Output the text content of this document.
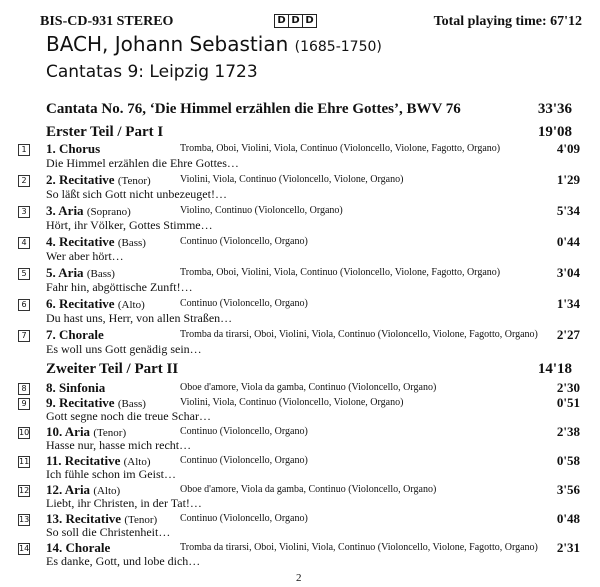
BIS-CD-931 STEREO	D D D	Total playing time: 67'12
BACH, Johann Sebastian (1685-1750)
Cantatas 9: Leipzig 1723
Cantata No. 76, ‘Die Himmel erzählen die Ehre Gottes’, BWV 76	33'36
Erster Teil / Part I	19'08
1 1. Chorus	Tromba, Oboi, Violini, Viola, Continuo (Violoncello, Violone, Fagotto, Organo)	4'09
Die Himmel erzählen die Ehre Gottes…
2 2. Recitative (Tenor)	Violini, Viola, Continuo (Violoncello, Violone, Organo)	1'29
So läßt sich Gott nicht unbezeuget!…
3 3. Aria (Soprano)	Violino, Continuo (Violoncello, Organo)	5'34
Hört, ihr Völker, Gottes Stimme…
4 4. Recitative (Bass)	Continuo (Violoncello, Organo)	0'44
Wer aber hört…
5 5. Aria (Bass)	Tromba, Oboi, Violini, Viola, Continuo (Violoncello, Violone, Fagotto, Organo)	3'04
Fahr hin, abgöttische Zunft!…
6 6. Recitative (Alto)	Continuo (Violoncello, Organo)	1'34
Du hast uns, Herr, von allen Straßen…
7 7. Chorale	Tromba da tirarsi, Oboi, Violini, Viola, Continuo (Violoncello, Violone, Fagotto, Organo) 2'27
Es woll uns Gott genädig sein…
Zweiter Teil / Part II	14'18
8 8. Sinfonia	Oboe d'amore, Viola da gamba, Continuo (Violoncello, Organo)	2'30
9 9. Recitative (Bass)	Violini, Viola, Continuo (Violoncello, Violone, Organo)	0'51
Gott segne noch die treue Schar…
10 10. Aria (Tenor)	Continuo (Violoncello, Organo)	2'38
Hasse nur, hasse mich recht…
11 11. Recitative (Alto)	Continuo (Violoncello, Organo)	0'58
Ich fühle schon im Geist…
2
12 12. Aria (Alto)	Oboe d'amore, Viola da gamba, Continuo (Violoncello, Organo)	3'56
Liebt, ihr Christen, in der Tat!…
13 13. Recitative (Tenor) Continuo (Violoncello, Organo)	0'48
So soll die Christenheit…
14 14. Chorale	Tromba da tirarsi, Oboi, Violini, Viola, Continuo (Violoncello, Violone, Fagotto, Organo) 2'31
Es danke, Gott, und lobe dich…
